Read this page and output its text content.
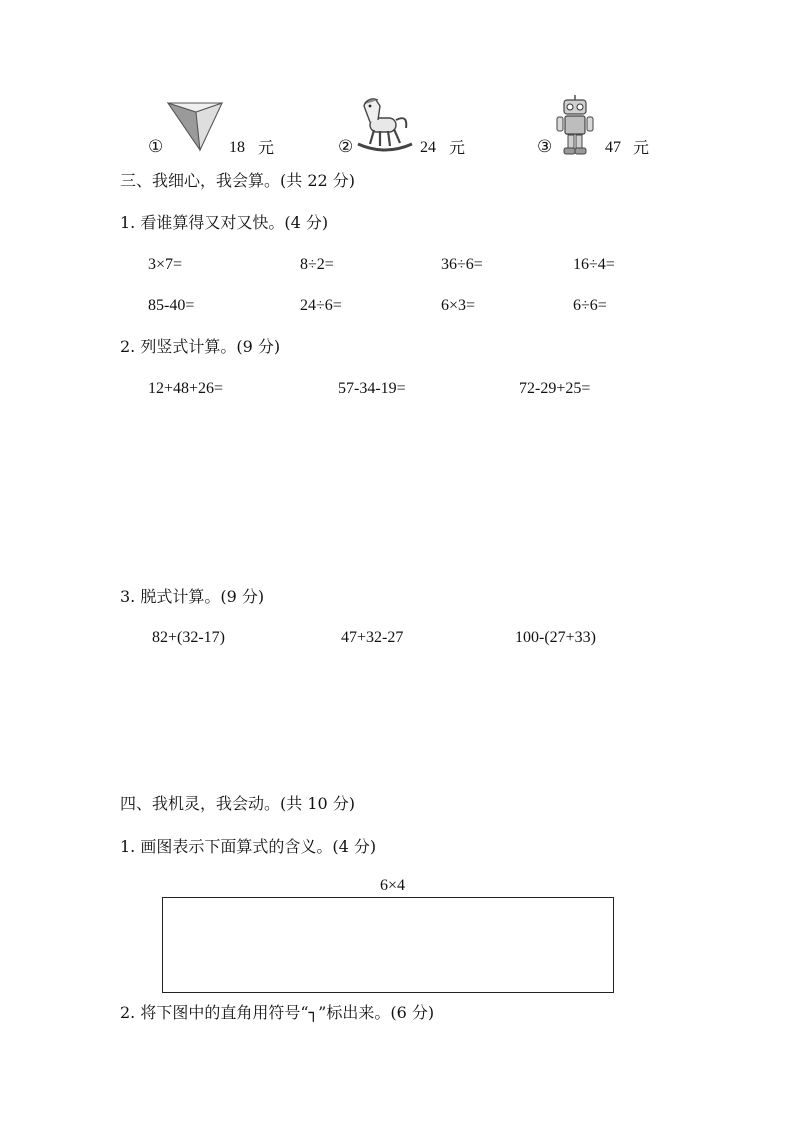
①	18 元	②	24 元	③	47 元
三、我细心，我会算。(共 22 分)
1. 看谁算得又对又快。(4 分)
3×7=	8÷2=	36÷6=	16÷4=
85-40=	24÷6=	6×3=	6÷6=
2. 列竖式计算。(9 分)
12+48+26=	57-34-19=	72-29+25=
3. 脱式计算。(9 分)
82+(32-17)	47+32-27	100-(27+33)
四、我机灵，我会动。(共 10 分)
1. 画图表示下面算式的含义。(4 分)
6×4
2. 将下图中的直角用符号“┐”标出来。(6 分)
